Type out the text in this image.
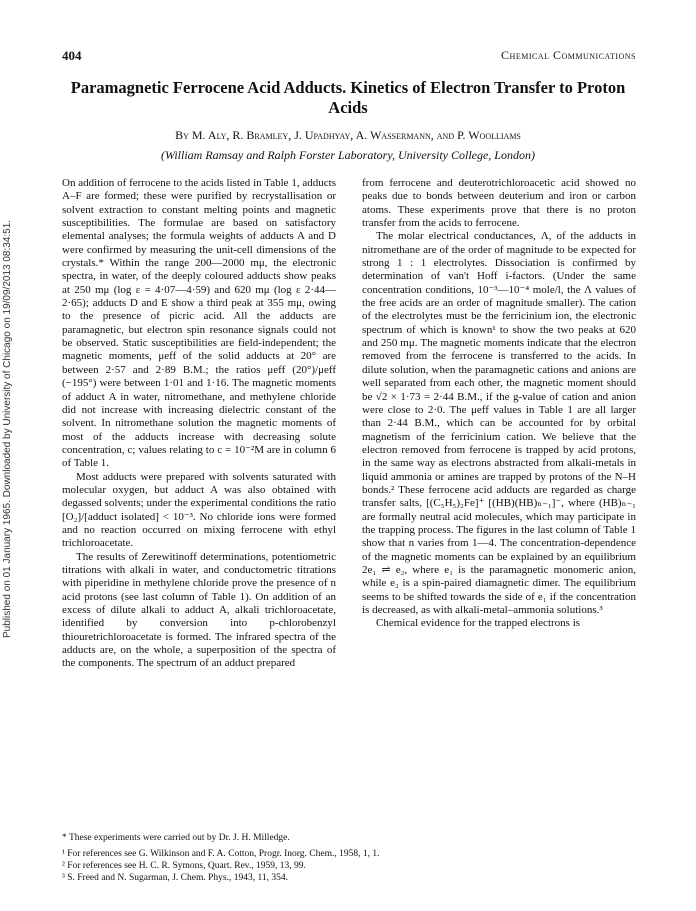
Published on 01 January 1965. Downloaded by University of Chicago on 19/09/2013 08:34:51.
404	Chemical Communications
Paramagnetic Ferrocene Acid Adducts. Kinetics of Electron Transfer to Proton Acids
By M. Aly, R. Bramley, J. Upadhyay, A. Wassermann, and P. Woolliams
(William Ramsay and Ralph Forster Laboratory, University College, London)

On addition of ferrocene to the acids listed in Table 1, adducts A–F are formed; these were purified by recrystallisation or solvent extraction to constant melting points and magnetic susceptibilities. The formulae are based on satisfactory elemental analyses; the formula weights of adducts A and D were confirmed by measuring the unit-cell dimensions of the crystals.* Within the range 200—2000 mμ, the electronic spectra, in water, of the deeply coloured adducts show peaks at 250 mμ (log ε = 4·07—4·59) and 620 mμ (log ε 2·44—2·65); adducts D and E show a third peak at 355 mμ, owing to the presence of picric acid. All the adducts are paramagnetic, but electron spin resonance signals could not be observed. Static susceptibilities are field-independent; the magnetic moments, μeff of the solid adducts at 20° are between 2·57 and 2·89 B.M.; the ratios μeff (20°)/μeff (−195°) were between 1·01 and 1·16. The magnetic moments of adduct A in water, nitromethane, and methylene chloride did not increase with increasing dielectric constant of the solvent. In nitromethane solution the magnetic moments of most of the adducts increase with decreasing solute concentration, c; values relating to c = 10⁻²M are in column 6 of Table 1.

Most adducts were prepared with solvents saturated with molecular oxygen, but adduct A was also obtained with degassed solvents; under the experimental conditions the ratio [O₂]/[adduct isolated] < 10⁻³. No chloride ions were formed and no reaction occurred on mixing ferrocene with ethyl trichloroacetate.

The results of Zerewitinoff determinations, potentiometric titrations with alkali in water, and conductometric titrations with piperidine in methylene chloride prove the presence of n acid protons (see last column of Table 1). On addition of an excess of dilute alkali to adduct A, alkali trichloroacetate, identified by conversion into p-chlorobenzyl thiouretrichloroacetate is formed. The infrared spectra of the adducts are, on the whole, a superposition of the spectra of the components. The spectrum of an adduct prepared

from ferrocene and deuterotrichloroacetic acid showed no peaks due to bonds between deuterium and iron or carbon atoms. These experiments prove that there is no proton transfer from the acids to ferrocene.

The molar electrical conductances, Λ, of the adducts in nitromethane are of the order of magnitude to be expected for strong 1 : 1 electrolytes. Dissociation is confirmed by determination of van't Hoff i-factors. (Under the same concentration conditions, 10⁻³—10⁻⁴ mole/l, the Λ values of the free acids are an order of magnitude smaller). The cation of the electrolytes must be the ferricinium ion, the electronic spectrum of which is known¹ to show the two peaks at 620 and 250 mμ. The magnetic moments indicate that the electron removed from the ferrocene is transferred to the acids. In dilute solution, when the paramagnetic cations and anions are well separated from each other, the magnetic moment should be √2 × 1·73 = 2·44 B.M., if the g-value of cation and anion were close to 2·0. The μeff values in Table 1 are all larger than 2·44 B.M., which can be accounted for by orbital magnetism of the ferricinium cation. We believe that the electron removed from ferrocene is trapped by acid protons, in the same way as electrons abstracted from alkali-metals in liquid ammonia or amines are trapped by protons of the N–H bonds.² These ferrocene acid adducts are regarded as charge transfer salts, [(C₅H₅)₂Fe]⁺ [(HB)(HB)ₙ₋₁]⁻, where (HB)ₙ₋₁ are formally neutral acid molecules, which may participate in the trapping process. The figures in the last column of Table 1 show that n varies from 1—4. The concentration-dependence of the magnetic moments can be explained by an equilibrium 2e₁ ⇌ e₂, where e₁ is the paramagnetic monomeric anion, while e₂ is a spin-paired diamagnetic dimer. The equilibrium seems to be shifted towards the side of e₁ if the concentration is decreased, as with alkali-metal–ammonia solutions.³

Chemical evidence for the trapped electrons is

* These experiments were carried out by Dr. J. H. Milledge.
¹ For references see G. Wilkinson and F. A. Cotton, Progr. Inorg. Chem., 1958, 1, 1.
² For references see H. C. R. Symons, Quart. Rev., 1959, 13, 99.
³ S. Freed and N. Sugarman, J. Chem. Phys., 1943, 11, 354.
